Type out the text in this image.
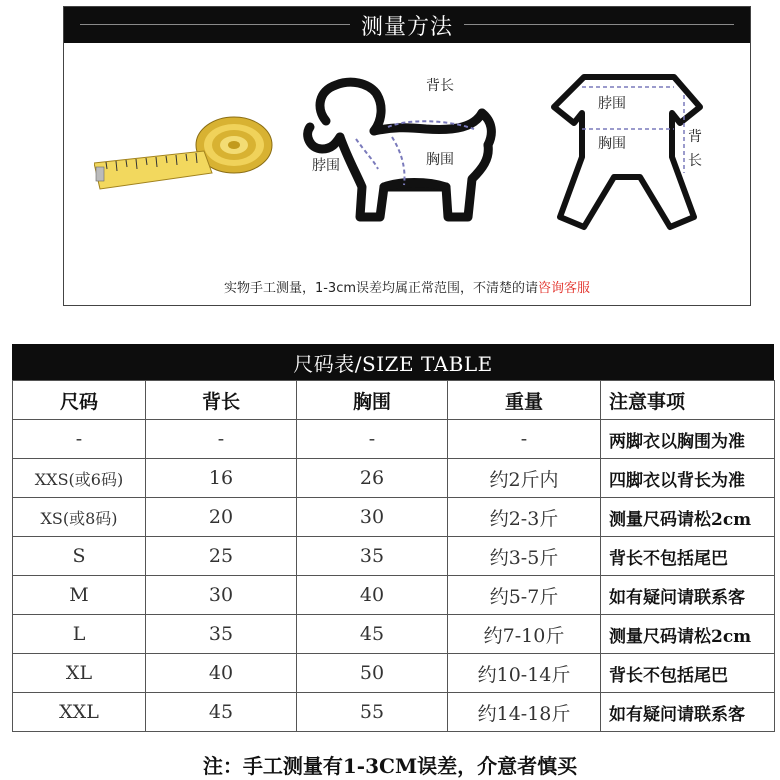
测量方法
背长
脖围	胸围
脖围
胸围	背长
实物手工测量，1-3cm误差均属正常范围，不清楚的请咨询客服
尺码表/SIZE TABLE
尺码	背长	胸围	重量	注意事项
-	-	-	-	两脚衣以胸围为准
XXS(或6码)	16	26	约2斤内	四脚衣以背长为准
XS(或8码)	20	30	约2-3斤	测量尺码请松2cm
S	25	35	约3-5斤	背长不包括尾巴
M	30	40	约5-7斤	如有疑问请联系客
L	35	45	约7-10斤	测量尺码请松2cm
XL	40	50	约10-14斤	背长不包括尾巴
XXL	45	55	约14-18斤	如有疑问请联系客
注：手工测量有1-3CM误差，介意者慎买
